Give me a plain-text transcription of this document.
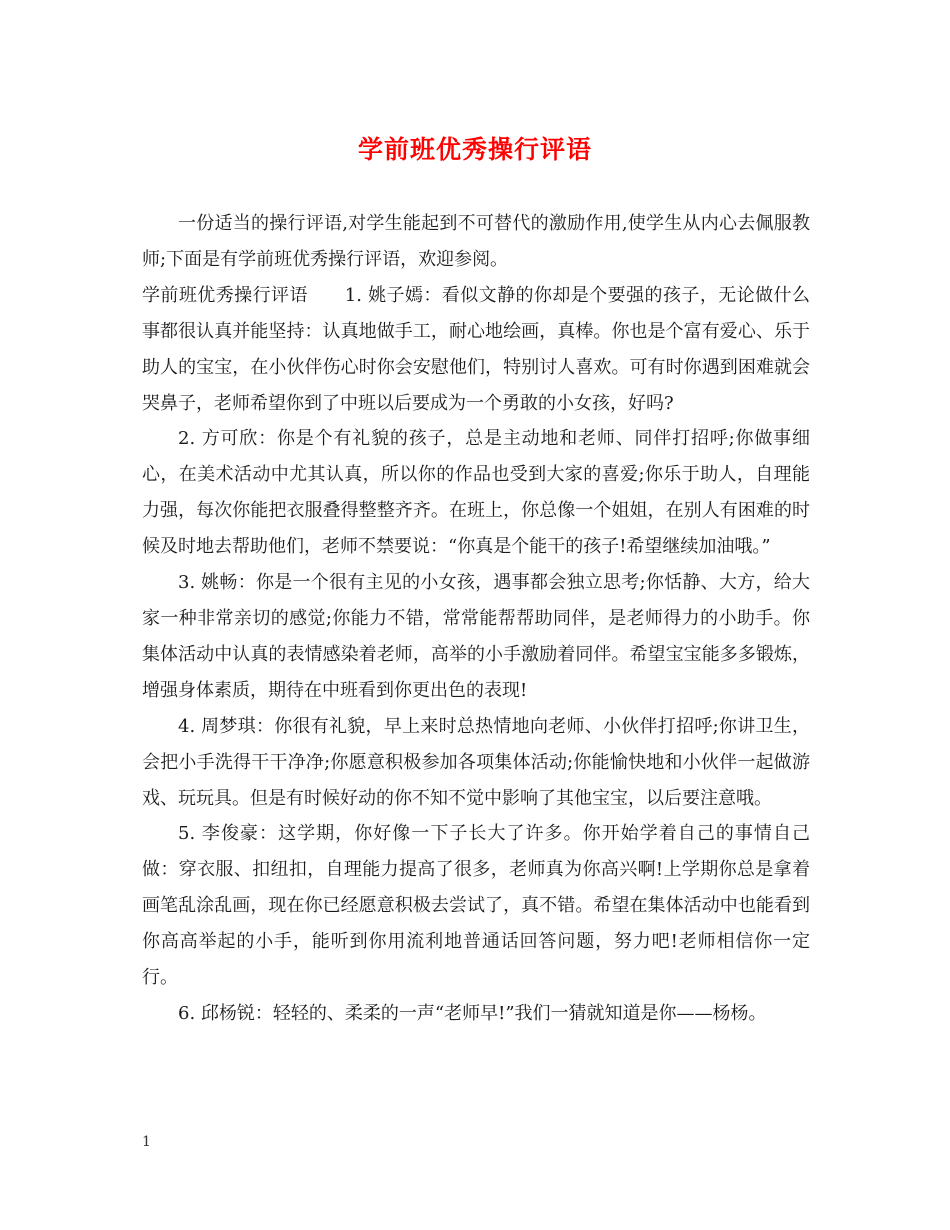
学前班优秀操行评语

一份适当的操行评语,对学生能起到不可替代的激励作用,使学生从内心去佩服教师;下面是有学前班优秀操行评语，欢迎参阅。

学前班优秀操行评语　　1. 姚子嫣：看似文静的你却是个要强的孩子，无论做什么事都很认真并能坚持：认真地做手工，耐心地绘画，真棒。你也是个富有爱心、乐于助人的宝宝，在小伙伴伤心时你会安慰他们，特别讨人喜欢。可有时你遇到困难就会哭鼻子，老师希望你到了中班以后要成为一个勇敢的小女孩，好吗?

2. 方可欣：你是个有礼貌的孩子，总是主动地和老师、同伴打招呼;你做事细心，在美术活动中尤其认真，所以你的作品也受到大家的喜爱;你乐于助人，自理能力强，每次你能把衣服叠得整整齐齐。在班上，你总像一个姐姐，在别人有困难的时候及时地去帮助他们，老师不禁要说：“你真是个能干的孩子!希望继续加油哦。”

3. 姚畅：你是一个很有主见的小女孩，遇事都会独立思考;你恬静、大方，给大家一种非常亲切的感觉;你能力不错，常常能帮帮助同伴，是老师得力的小助手。你集体活动中认真的表情感染着老师，高举的小手激励着同伴。希望宝宝能多多锻炼，增强身体素质，期待在中班看到你更出色的表现!

4. 周梦琪：你很有礼貌，早上来时总热情地向老师、小伙伴打招呼;你讲卫生，会把小手洗得干干净净;你愿意积极参加各项集体活动;你能愉快地和小伙伴一起做游戏、玩玩具。但是有时候好动的你不知不觉中影响了其他宝宝，以后要注意哦。

5. 李俊豪：这学期，你好像一下子长大了许多。你开始学着自己的事情自己做：穿衣服、扣纽扣，自理能力提高了很多，老师真为你高兴啊!上学期你总是拿着画笔乱涂乱画，现在你已经愿意积极去尝试了，真不错。希望在集体活动中也能看到你高高举起的小手，能听到你用流利地普通话回答问题，努力吧!老师相信你一定行。

6. 邱杨锐：轻轻的、柔柔的一声“老师早!”我们一猜就知道是你——杨杨。

1
